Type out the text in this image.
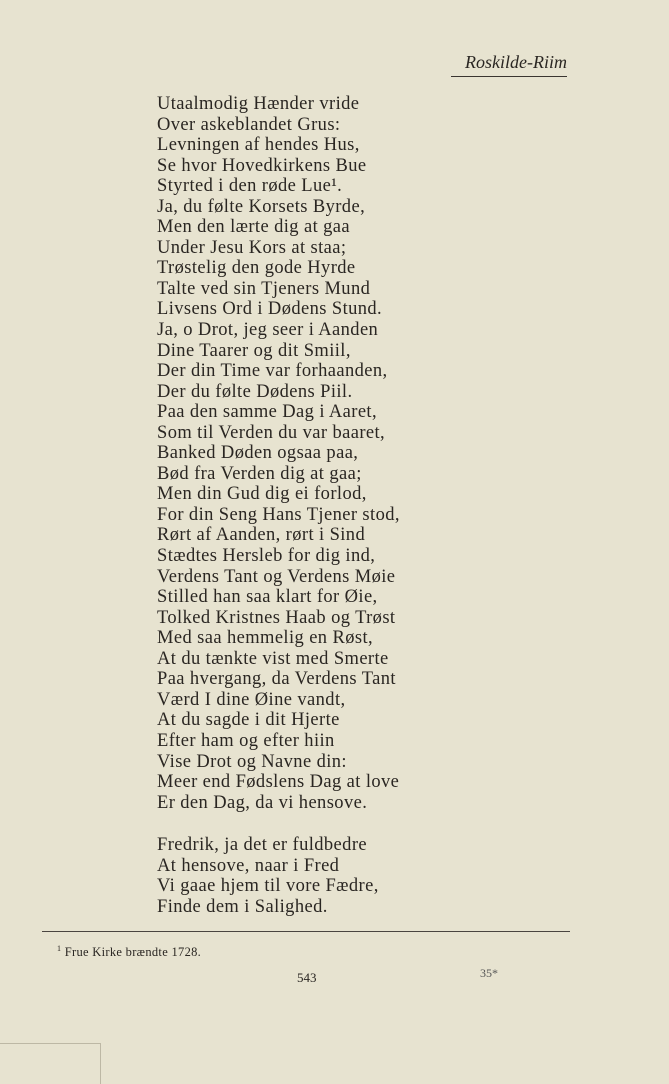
Roskilde-Riim
Utaalmodig Hænder vride
Over askeblandet Grus:
Levningen af hendes Hus,
Se hvor Hovedkirkens Bue
Styrted i den røde Lue¹.
Ja, du følte Korsets Byrde,
Men den lærte dig at gaa
Under Jesu Kors at staa;
Trøstelig den gode Hyrde
Talte ved sin Tjeners Mund
Livsens Ord i Dødens Stund.
Ja, o Drot, jeg seer i Aanden
Dine Taarer og dit Smiil,
Der din Time var forhaanden,
Der du følte Dødens Piil.
Paa den samme Dag i Aaret,
Som til Verden du var baaret,
Banked Døden ogsaa paa,
Bød fra Verden dig at gaa;
Men din Gud dig ei forlod,
For din Seng Hans Tjener stod,
Rørt af Aanden, rørt i Sind
Stædtes Hersleb for dig ind,
Verdens Tant og Verdens Møie
Stilled han saa klart for Øie,
Tolked Kristnes Haab og Trøst
Med saa hemmelig en Røst,
At du tænkte vist med Smerte
Paa hvergang, da Verdens Tant
Værd I dine Øine vandt,
At du sagde i dit Hjerte
Efter ham og efter hiin
Vise Drot og Navne din:
Meer end Fødslens Dag at love
Er den Dag, da vi hensove.
Fredrik, ja det er fuldbedre
At hensove, naar i Fred
Vi gaae hjem til vore Fædre,
Finde dem i Salighed.
$^1$ Frue Kirke brændte 1728.
543	35*
